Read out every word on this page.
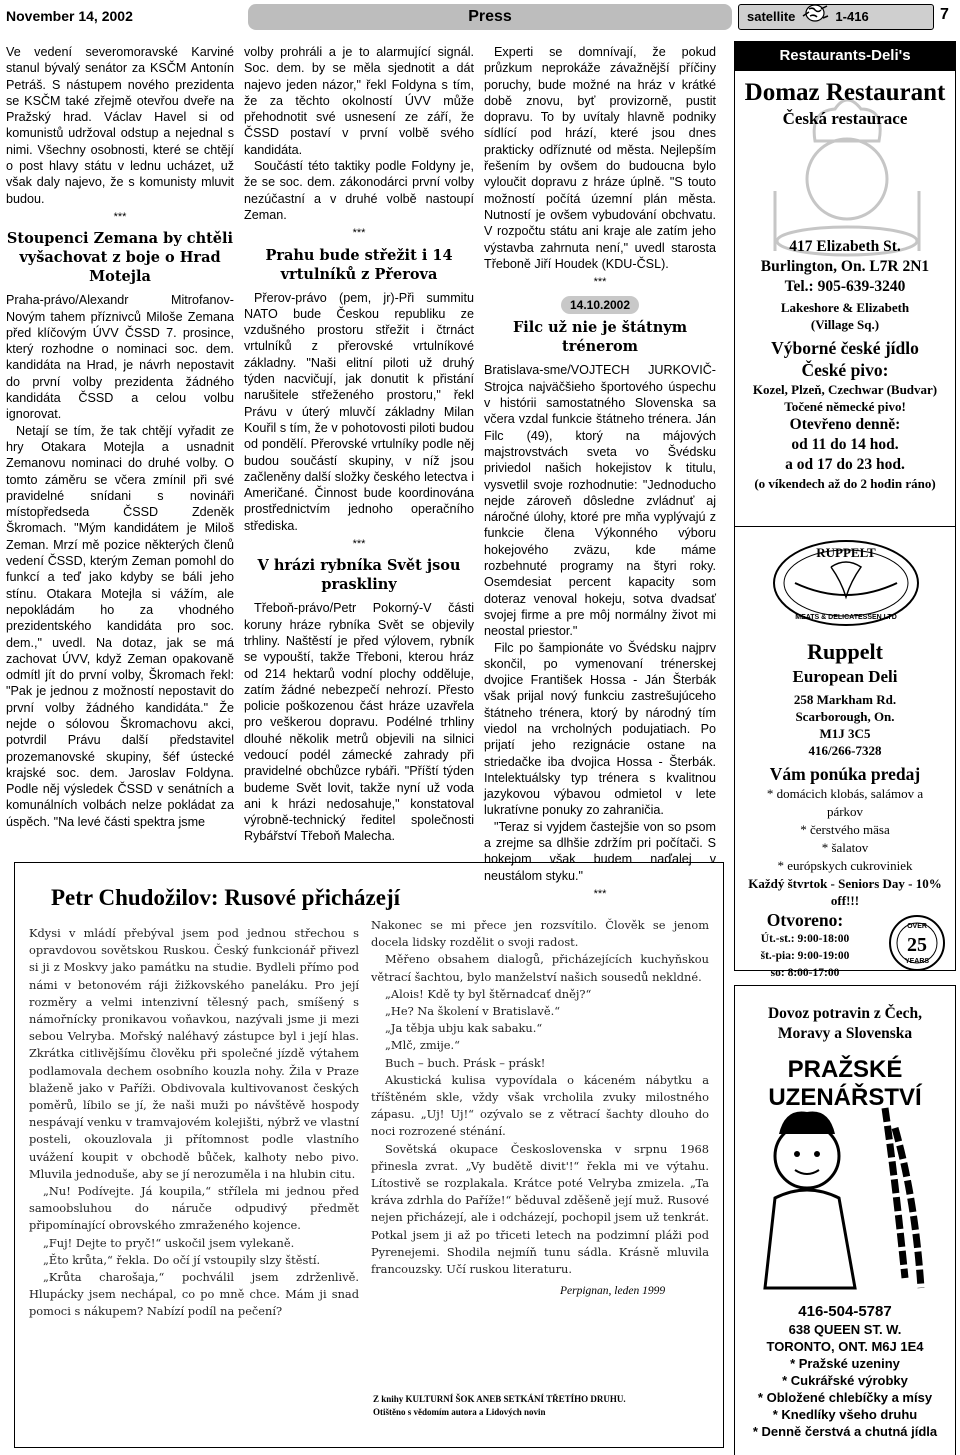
November 14, 2002	Press	satellite	1-416	7

Ve vedení severomoravské Karviné stanul bývalý senátor za KSČM Antonín Petráš. S nástupem nového prezidenta se KSČM také zřejmě otevřou dveře na Pražský hrad. Václav Havel si od komunistů udržoval odstup a nejednal s nimi. Všechny osobnosti, které se chtějí o post hlavy státu v lednu ucházet, už však daly najevo, že s komunisty mluvit budou.

***
Stoupenci Zemana by chtěli vyšachovat z boje o Hrad Motejla

Praha-právo/Alexandr Mitrofanov-Novým tahem příznivců Miloše Zemana před klíčovým ÚVV ČSSD 7. prosince, který rozhodne o nominaci soc. dem. kandidáta na Hrad, je návrh nepostavit do první volby prezidenta žádného kandidáta ČSSD a celou volbu ignorovat.

Netají se tím, že tak chtějí vyřadit ze hry Otakara Motejla a usnadnit Zemanovu nominaci do druhé volby. O tomto záměru se včera zmínil při své pravidelné snídani s novináři místopředseda ČSSD Zdeněk Škromach. "Mým kandidátem je Miloš Zeman. Mrzí mě pozice některých členů vedení ČSSD, kterým Zeman pomohl do funkcí a teď jako kdyby se báli jeho stínu. Otakara Motejla si vážím, ale nepokládám ho za vhodného prezidentského kandidáta pro soc. dem.," uvedl. Na dotaz, jak se má zachovat ÚVV, když Zeman opakovaně odmítl jít do první volby, Škromach řekl: "Pak je jednou z možností nepostavit do první volby žádného kandidáta." Že nejde o sólovou Škromachovu akci, potvrdil Právu další představitel prozemanovské skupiny, šéf ústecké krajské soc. dem. Jaroslav Foldyna. Podle něj výsledek ČSSD v senátních a komunálních volbách nelze pokládat za úspěch. "Na levé části spektra jsme

volby prohráli a je to alarmující signál. Soc. dem. by se měla sjednotit a dát najevo jeden názor," řekl Foldyna s tím, že za těchto okolností ÚVV může přehodnotit své usnesení ze září, že ČSSD postaví v první volbě svého kandidáta.

Součástí této taktiky podle Foldyny je, že se soc. dem. zákonodárci první volby nezúčastní a v druhé volbě nastoupí Zeman.

***
Prahu bude střežit i 14 vrtulníků z Přerova

Přerov-právo (pem, jr)-Při summitu NATO bude Českou republiku ze vzdušného prostoru střežit i čtrnáct vrtulníků z přerovské vrtulníkové základny. "Naši elitní piloti už druhý týden nacvičují, jak donutit k přistání narušitele střeženého prostoru," řekl Právu v úterý mluvčí základny Milan Kouřil s tím, že v pohotovosti piloti budou od pondělí. Přerovské vrtulníky podle něj budou součástí skupiny, v níž jsou začleněny další složky českého letectva i Američané. Činnost bude koordinována prostřednictvím jednoho operačního střediska.

***
V hrázi rybníka Svět jsou praskliny

Třeboň-právo/Petr Pokorný-V části koruny hráze rybníka Svět se objevily trhliny. Naštěstí je před výlovem, rybník se vypouští, takže Třeboni, kterou hráz od 214 hektarů vodní plochy odděluje, zatím žádné nebezpečí nehrozí. Přesto policie poškozenou část hráze uzavřela pro veškerou dopravu. Podélné trhliny dlouhé několik metrů objevili na silnici vedoucí podél zámecké zahrady při pravidelné obchůzce rybáři. "Příští týden budeme Svět lovit, takže nyní už voda ani k hrázi nedosahuje," konstatoval výrobně-technický ředitel společnosti Rybářství Třeboň Malecha.

Experti se domnívají, že pokud průzkum neprokáže závažnější příčiny poruchy, bude možné na hráz v krátké době znovu, byť provizorně, pustit dopravu. To by uvítaly hlavně podniky sídlící pod hrází, které jsou dnes prakticky odříznuté od města. Nejlepším řešením by ovšem do budoucna bylo vyloučit dopravu z hráze úplně. "S touto možností počítá územní plán města. Nutností je ovšem vybudování obchvatu. V rozpočtu státu ani kraje ale zatím jeho výstavba zahrnuta není," uvedl starosta Třeboně Jiří Houdek (KDU-ČSL).

***
14.10.2002
Filc už nie je štátnym trénerom

Bratislava-sme/VOJTECH JURKOVIČ-Strojca najväčšieho športového úspechu v histórii samostatného Slovenska sa včera vzdal funkcie štátneho trénera. Ján Filc (49), ktorý na májových majstrovstvách sveta vo Švédsku priviedol našich hokejistov k titulu, vysvetlil svoje rozhodnutie: "Jednoducho nejde zároveň dôsledne zvládnuť aj náročné úlohy, ktoré pre mňa vyplývajú z funkcie člena Výkonného výboru hokejového zväzu, kde máme rozbehnuté programy na štyri roky. Osemdesiat percent kapacity som doteraz venoval hokeju, sotva dvadsať svojej firme a pre môj normálny život mi neostal priestor."

Filc po šampionáte vo Švédsku najprv skončil, po vymenovaní trénerskej dvojice František Hossa - Ján Šterbák však prijal nový funkciu zastrešujúceho štátneho trénera, ktorý by národný tím viedol na vrcholných podujatiach. Po prijatí jeho rezignácie ostane na striedačke iba dvojica Hossa - Šterbák. Intelektuálsky typ trénera s kvalitnou jazykovou výbavou odmietol v lete lukratívne ponuky zo zahraničia.

"Teraz si vyjdem častejšie von so psom a zrejme sa dlhšie zdržím pri počítači. S hokejom však budem naďalej v neustálom styku."

***
Restaurants-Deli's
Domaz Restaurant
Česká restaurace
417 Elizabeth St.
Burlington, On. L7R 2N1
Tel.: 905-639-3240
Lakeshore & Elizabeth
(Village Sq.)
Výborné české jídlo
České pivo:
Kozel, Plzeň, Czechwar (Budvar)
Točené německé pivo!
Otevřeno denně:
od 11 do 14 hod.
a od 17 do 23 hod.
(o víkendech až do 2 hodin ráno)
RUPPELT
MEATS & DELICATESSEN LTD
Ruppelt
European Deli
258 Markham Rd.
Scarborough, On.
M1J 3C5
416/266-7328
Vám ponúka predaj
* domácich klobás, salámov a párkov
* čerstvého mäsa
* šalatov
* európskych cukroviniek
Každý štvrtok - Seniors Day - 10% off!!!
Otvoreno:
Út.-st.: 9:00-18:00
št.-pia: 9:00-19:00
so: 8:00-17:00
OVER
25
YEARS
Dovoz potravin z Čech,
Moravy a Slovenska
PRAŽSKÉ
UZENÁŘSTVÍ
416-504-5787
638 QUEEN ST. W.
TORONTO, ONT. M6J 1E4
* Pražské uzeniny
* Cukrářské výrobky
* Obložené chlebíčky a mísy
* Knedlíky všeho druhu
* Denně čerstvá a chutná jídla
Petr Chudožilov: Rusové přicházejí

Kdysi v mládí přebýval jsem pod jednou střechou s opravdovou sovětskou Ruskou. Český funkcionář přivezl si ji z Moskvy jako památku na studie. Bydleli přímo pod námi v betonovém ráji žižkovského paneláku. Pro její rozměry a velmi intenzivní tělesný pach, smíšený s námořnícky pronikavou voňavkou, nazývali jsme ji mezi sebou Velryba. Mořský naléhavý zástupce byl i její hlas. Zkrátka citlivějšímu člověku při společné jízdě výtahem podlamovala dechem osobního kouzla nohy. Žila v Praze blaženě jako v Paříži. Obdivovala kultivovanost českých poměrů, líbilo se jí, že naši muži po návštěvě hospody nespávají venku v tramvajovém kolejišti, nýbrž ve vlastní posteli, okouzlovala ji přítomnost podle vlastního uvážení koupit v obchodě bůček, kalhoty nebo pivo. Mluvila jednoduše, aby se jí nerozuměla i na hlubin citu.

„Nu! Podívejte. Já koupila,“ střílela mi jednou před samoobsluhou do náruče odpudivý předmět připomínající obrovského zmraženého kojence.

„Fuj! Dejte to pryč!“ uskočil jsem vylekaně.

„Ěto krůta,“ řekla. Do očí jí vstoupily slzy štěstí.

„Krůta charošaja,“ pochválil jsem zdrženlivě. Hlupácky jsem nechápal, co po mně chce. Mám ji snad pomoci s nákupem? Nabízí podíl na pečení?

Nakonec se mi přece jen rozsvítilo. Člověk se jenom docela lidsky rozdělit o svoji radost.

Měřeno obsahem dialogů, přicházejících kuchyňskou větrací šachtou, bylo manželství našich sousedů nekldné.

„Alois! Kdě ty byl štěrnadcať dněj?“

„He? Na školení v Bratislavě.“

„Ja těbja ubju kak sabaku.“

„Mlč, zmije.“

Buch – buch. Prásk – prásk!

Akustická kulisa vypovídala o káceném nábytku a tříštěném skle, vždy však vrcholila zvuky milostného zápasu. „Uj! Uj!“ ozývalo se z větrací šachty dlouho do noci rozrozené sténání.

Sovětská okupace Československa v srpnu 1968 přinesla zvrat. „Vy budětě divit'!“ řekla mi ve výtahu. Lítostivě se rozplakala. Krátce poté Velryba zmizela. „Ta kráva zdrhla do Paříže!“ běduval zděšeně její muž. Rusové nejen přicházejí, ale i odcházejí, pochopil jsem už tenkrát. Potkal jsem ji až po třiceti letech na podzimní pláži pod Pyrenejemi. Shodila nejmíň tunu sádla. Krásně mluvila francouzsky. Učí ruskou literaturu.

Perpignan, leden 1999
Z knihy KULTURNÍ ŠOK ANEB SETKÁNÍ TŘETÍHO DRUHU.
Otištěno s vědomím autora a Lidových novin
